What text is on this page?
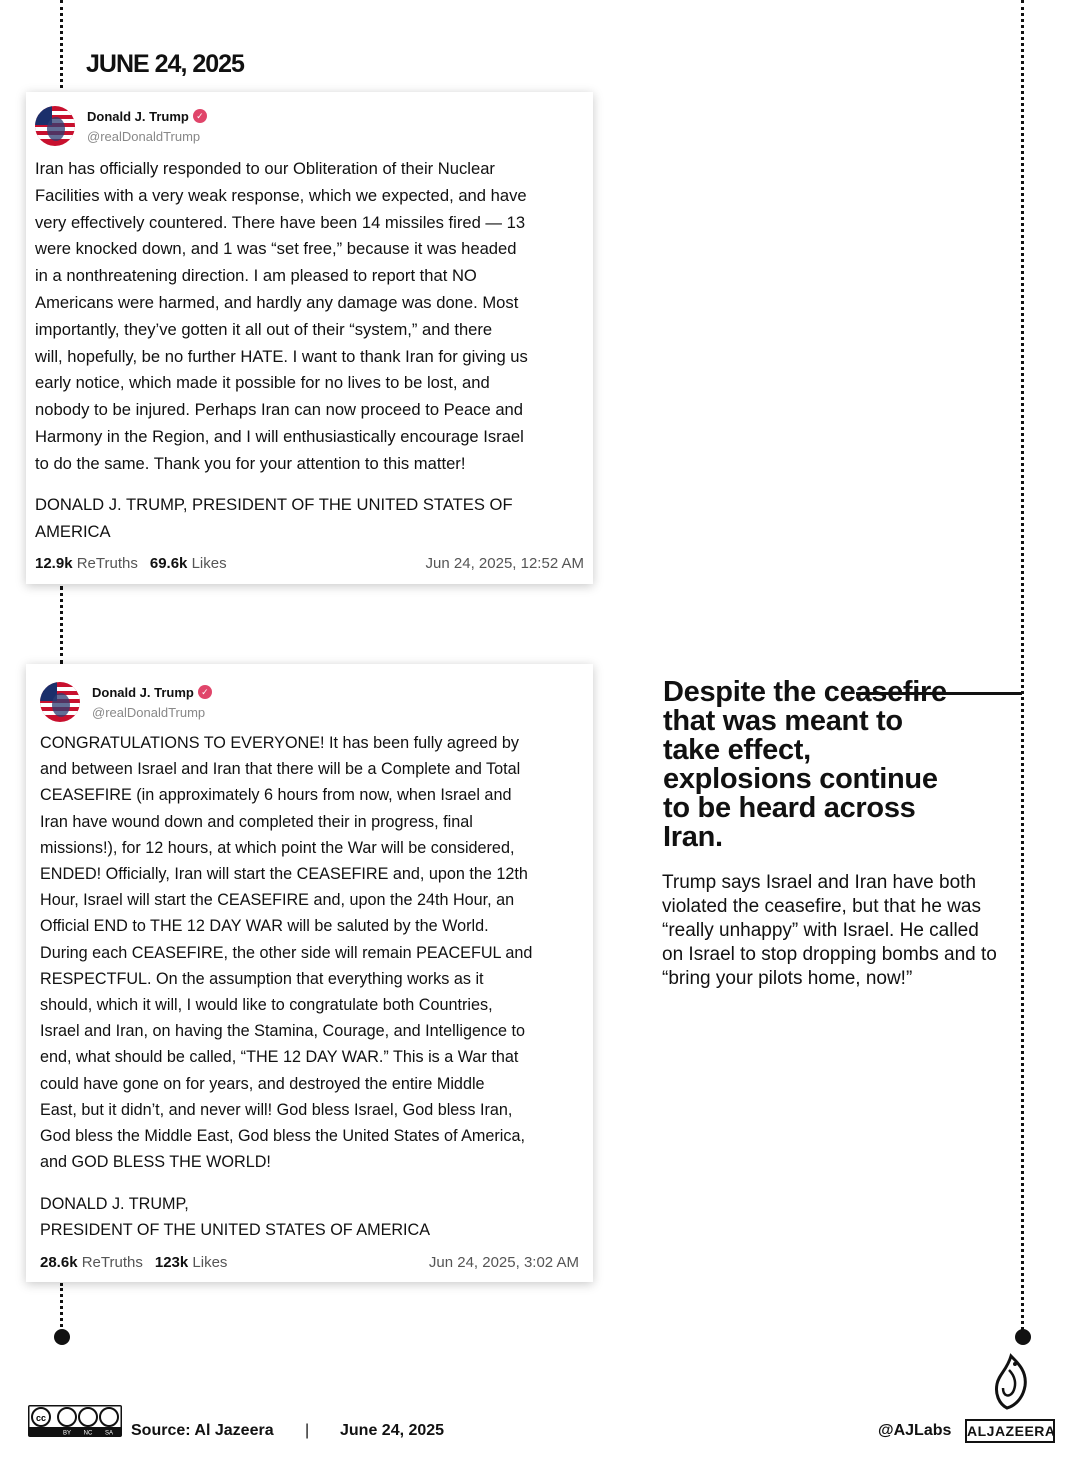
JUNE 24, 2025
Donald J. Trump ✓
@realDonaldTrump
Iran has officially responded to our Obliteration of their Nuclear
Facilities with a very weak response, which we expected, and have
very effectively countered. There have been 14 missiles fired — 13
were knocked down, and 1 was “set free,” because it was headed
in a nonthreatening direction. I am pleased to report that NO
Americans were harmed, and hardly any damage was done. Most
importantly, they’ve gotten it all out of their “system,” and there
will, hopefully, be no further HATE. I want to thank Iran for giving us
early notice, which made it possible for no lives to be lost, and
nobody to be injured. Perhaps Iran can now proceed to Peace and
Harmony in the Region, and I will enthusiastically encourage Israel
to do the same. Thank you for your attention to this matter!
DONALD J. TRUMP, PRESIDENT OF THE UNITED STATES OF
AMERICA
12.9k ReTruths 69.6k Likes	Jun 24, 2025, 12:52 AM
Donald J. Trump ✓
@realDonaldTrump
CONGRATULATIONS TO EVERYONE! It has been fully agreed by
and between Israel and Iran that there will be a Complete and Total
CEASEFIRE (in approximately 6 hours from now, when Israel and
Iran have wound down and completed their in progress, final
missions!), for 12 hours, at which point the War will be considered,
ENDED! Officially, Iran will start the CEASEFIRE and, upon the 12th
Hour, Israel will start the CEASEFIRE and, upon the 24th Hour, an
Official END to THE 12 DAY WAR will be saluted by the World.
During each CEASEFIRE, the other side will remain PEACEFUL and
RESPECTFUL. On the assumption that everything works as it
should, which it will, I would like to congratulate both Countries,
Israel and Iran, on having the Stamina, Courage, and Intelligence to
end, what should be called, “THE 12 DAY WAR.” This is a War that
could have gone on for years, and destroyed the entire Middle
East, but it didn’t, and never will! God bless Israel, God bless Iran,
God bless the Middle East, God bless the United States of America,
and GOD BLESS THE WORLD!
DONALD J. TRUMP,
PRESIDENT OF THE UNITED STATES OF AMERICA
28.6k ReTruths 123k Likes	Jun 24, 2025, 3:02 AM
Despite the ceasefire that was meant to take effect, explosions continue to be heard across Iran.
Trump says Israel and Iran have both violated the ceasefire, but that he was “really unhappy” with Israel. He called on Israel to stop dropping bombs and to “bring your pilots home, now!”
cc
BY NC SA Source: Al Jazeera | June 24, 2025	@AJLabs ALJAZEERA
